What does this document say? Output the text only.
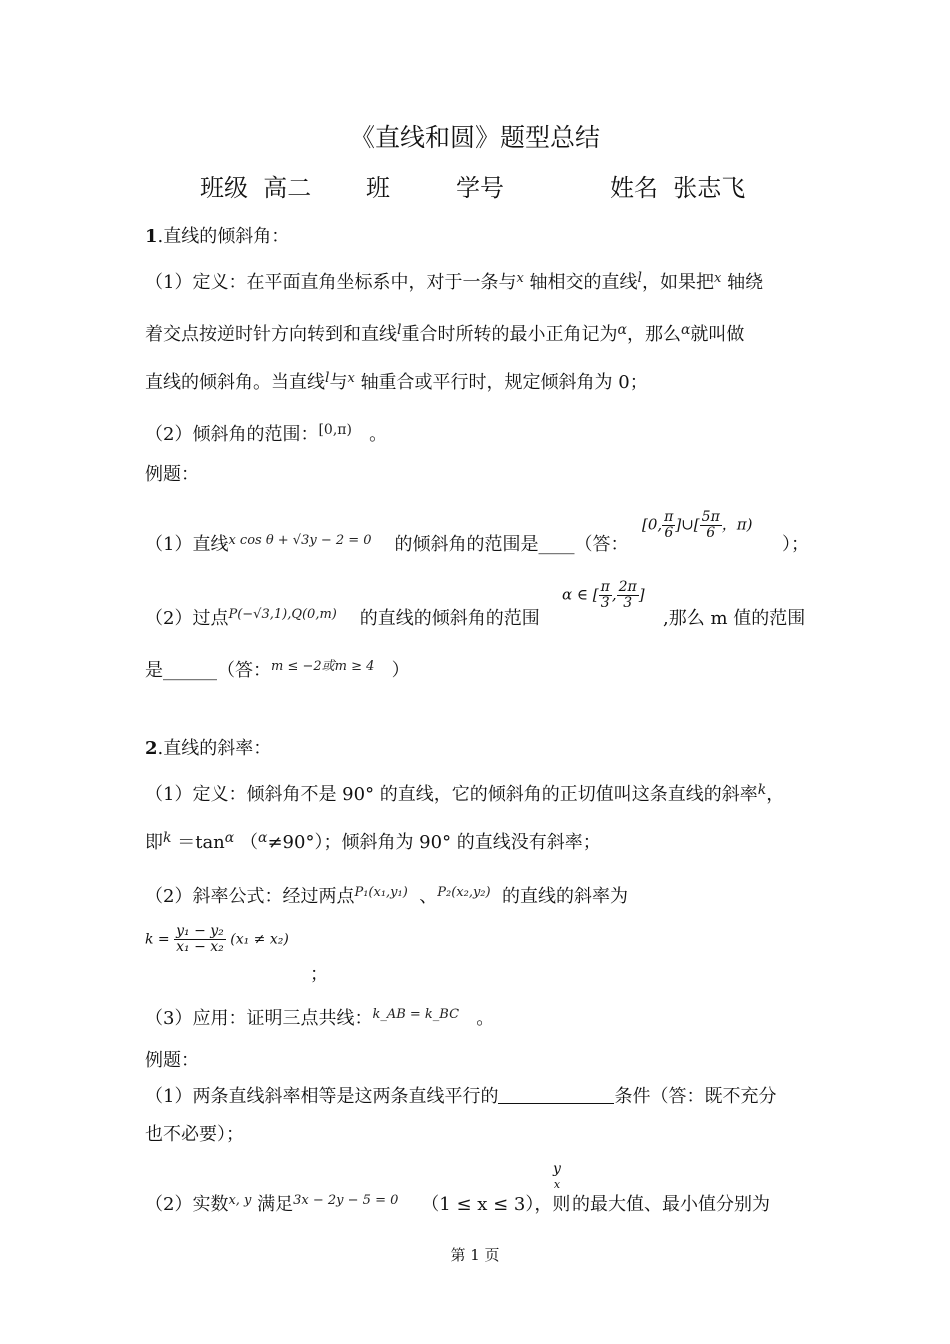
《直线和圆》题型总结
班级 高二 班	学号	姓名 张志飞
1.直线的倾斜角：
（1）定义：在平面直角坐标系中，对于一条与x 轴相交的直线l，如果把x 轴绕
着交点按逆时针方向转到和直线l重合时所转的最小正角记为α，那么α就叫做
直线的倾斜角。当直线l与x 轴重合或平行时，规定倾斜角为 0；
（2）倾斜角的范围：[0,π) 。
例题：
（1）直线x cos θ + √3y − 2 = 0 的倾斜角的范围是____（答：
[0, $\frac{\pi}{6}$ ]∪[ $\frac{5\pi}{6}$ ，π)
）；
（2）过点P(−√3,1),Q(0,m) 的直线的倾斜角的范围
α ∈ [ $\frac{\pi}{3}$ , $\frac{2\pi}{3}$ ]
,那么 m 值的范围
是______（答：m ≤ −2或m ≥ 4 ）
2.直线的斜率：
（1）定义：倾斜角不是 90° 的直线，它的倾斜角的正切值叫这条直线的斜率k，
即k ＝tanα （α≠90°）；倾斜角为 90° 的直线没有斜率；
（2）斜率公式：经过两点P₁(x₁,y₁) 、P₂(x₂,y₂) 的直线的斜率为
$k = \frac{\text{y₁ − y₂}}{\text{x₁ − x₂}} (x_1 \ne x_2)$
；
（3）应用：证明三点共线：k_AB = k_BC 。
例题：
（1）两条直线斜率相等是这两条直线平行的	条件（答：既不充分
也不必要）；
（2）实数x, y 满足3x − 2y − 5 = 0 （1 ≤ x ≤ 3），则
y
x
的最大值、最小值分别为
第 1 页
